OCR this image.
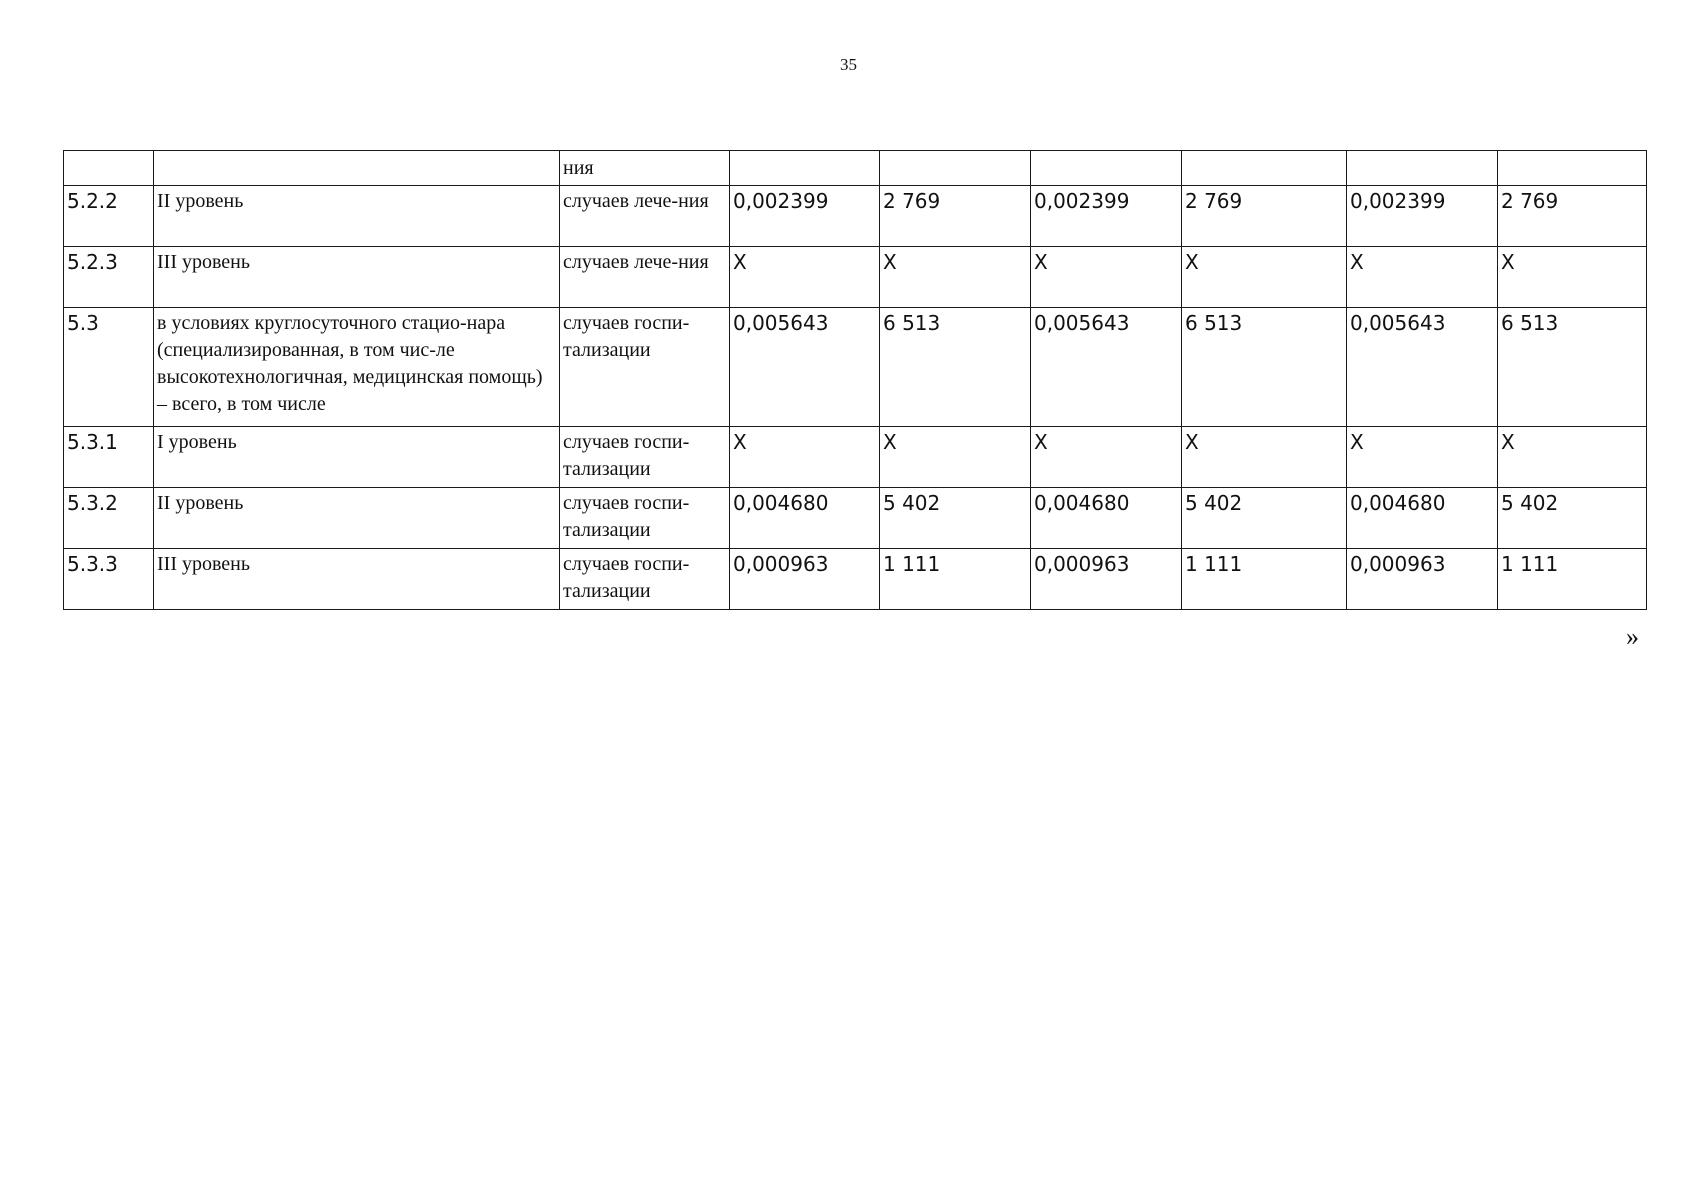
35
		ния						
5.2.2	II уровень	случаев лече-ния	0,002399	2 769	0,002399	2 769	0,002399	2 769
5.2.3	III уровень	случаев лече-ния	X	X	X	X	X	X
5.3	в условиях круглосуточного стацио-нара (специализированная, в том чис-ле высокотехнологичная, медицинская помощь) – всего, в том числе	случаев госпи-тализации	0,005643	6 513	0,005643	6 513	0,005643	6 513
5.3.1	I уровень	случаев госпи-тализации	X	X	X	X	X	X
5.3.2	II уровень	случаев госпи-тализации	0,004680	5 402	0,004680	5 402	0,004680	5 402
5.3.3	III уровень	случаев госпи-тализации	0,000963	1 111	0,000963	1 111	0,000963	1 111
»
